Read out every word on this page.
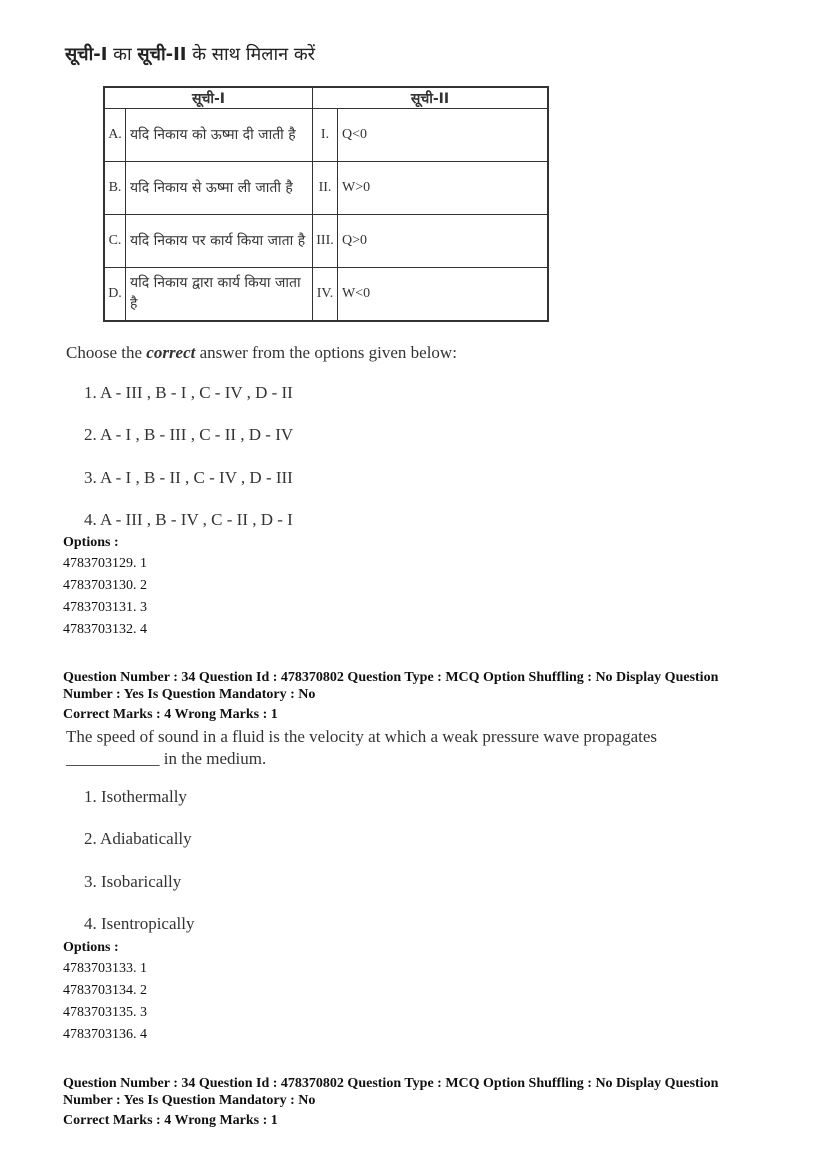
सूची-I का सूची-II के साथ मिलान करें
सूची-I		सूची-II	
A.	यदि निकाय को ऊष्मा दी जाती है	I.	Q<0
B.	यदि निकाय से ऊष्मा ली जाती है	II.	W>0
C.	यदि निकाय पर कार्य किया जाता है	III.	Q>0
D.	यदि निकाय द्वारा कार्य किया जाता है	IV.	W<0
Choose the correct answer from the options given below:
1. A - III , B - I , C - IV , D - II
2. A - I , B - III , C - II , D - IV
3. A - I , B - II , C - IV , D - III
4. A - III , B - IV , C - II , D - I
Options :
4783703129. 1
4783703130. 2
4783703131. 3
4783703132. 4
Question Number : 34 Question Id : 478370802 Question Type : MCQ Option Shuffling : No Display Question
Number : Yes Is Question Mandatory : No
Correct Marks : 4 Wrong Marks : 1
The speed of sound in a fluid is the velocity at which a weak pressure wave propagates
___________ in the medium.
1. Isothermally
2. Adiabatically
3. Isobarically
4. Isentropically
Options :
4783703133. 1
4783703134. 2
4783703135. 3
4783703136. 4
Question Number : 34 Question Id : 478370802 Question Type : MCQ Option Shuffling : No Display Question
Number : Yes Is Question Mandatory : No
Correct Marks : 4 Wrong Marks : 1
